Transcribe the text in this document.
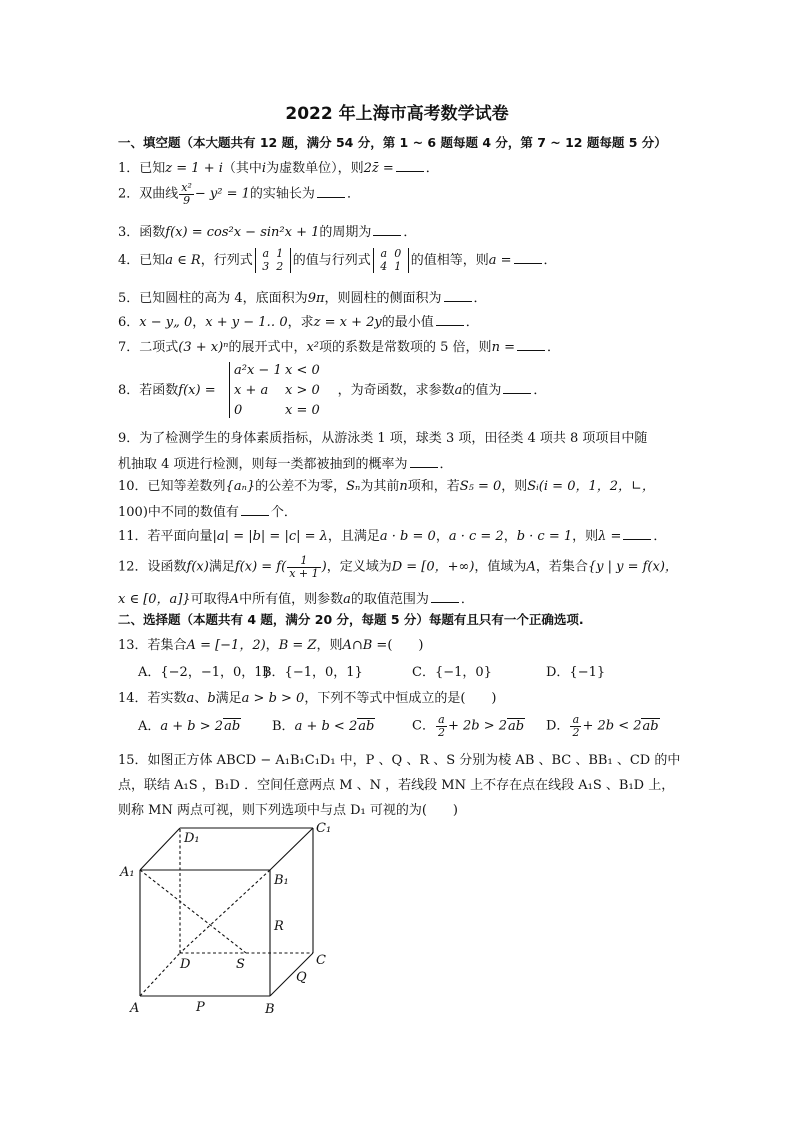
2022 年上海市高考数学试卷
一、填空题（本大题共有 12 题，满分 54 分，第 1 ~ 6 题每题 4 分，第 7 ~ 12 题每题 5 分）
1．已知z = 1 + i（其中i为虚数单位），则2z̄ = ．
2．双曲线 $\frac{\text{x²}}{9} - y^2 = 1$的实轴长为 ．
3．函数f(x) = cos²x − sin²x + 1的周期为 ．
4．已知a ∈ R，行列式 a 1
3 2 的值与行列式 a 0
4 1 的值相等，则a = ．
5．已知圆柱的高为 4，底面积为9π，则圆柱的侧面积为 ．
6．x − y„ 0，x + y − 1‥ 0，求z = x + 2y的最小值 ．
7．二项式(3 + x)ⁿ的展开式中，x²项的系数是常数项的 5 倍，则n = ．
8．若函数f(x) =	，为奇函数，求参数a的值为 ．
a²x − 1 x < 0
x + a x > 0
0	x = 0
9．为了检测学生的身体素质指标，从游泳类 1 项，球类 3 项，田径类 4 项共 8 项项目中随
机抽取 4 项进行检测，则每一类都被抽到的概率为 ．
10．已知等差数列{aₙ}的公差不为零，Sₙ为其前n项和，若S₅ = 0，则Sᵢ(i = 0，1，2，∟，
100)中不同的数值有 个．
11．若平面向量|a| = |b| = |c| = λ，且满足a · b = 0，a · c = 2，b · c = 1，则λ = ．
12．设函数f(x)满足$f(x) = f( \frac{1}{x + 1}$ )，定义域为D = [0，+∞)，值域为A，若集合{y | y = f(x)，
x ∈ [0，a]}可取得A中所有值，则参数a的取值范围为 ．
二、选择题（本题共有 4 题，满分 20 分，每题 5 分）每题有且只有一个正确选项.
13．若集合A = [−1，2)，B = Z，则A∩B =(　　)
A．{−2，−1，0，1}
B．{−1，0，1}	C．{−1，0}	D．{−1}
14．若实数a、b满足a > b > 0，下列不等式中恒成立的是(　　)
A．a + b > 2ab B．a + b < 2ab	C． $\frac{a}{2} + 2b > 2ab$ D． $\frac{a}{2} + 2b < 2ab$
15．如图正方体 ABCD − A₁B₁C₁D₁ 中，P 、Q 、R 、S 分别为棱 AB 、BC 、BB₁ 、CD 的中
点，联结 A₁S ，B₁D ．空间任意两点 M 、N ，若线段 MN 上不存在点在线段 A₁S 、B₁D 上，
则称 MN 两点可视，则下列选项中与点 D₁ 可视的为(　　)
A	P	B
Q
C
D	S
R
A₁
B₁
C₁
D₁
